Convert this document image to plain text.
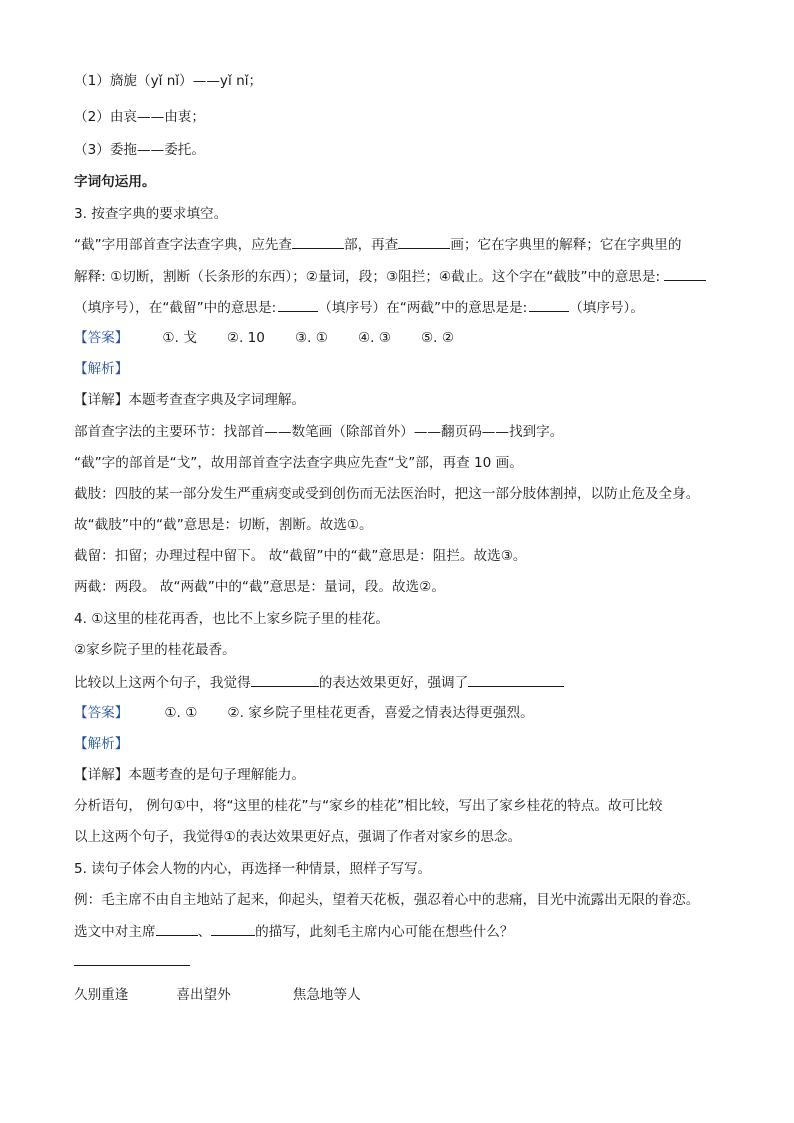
（1）旖旎（yǐ nǐ）——yǐ nǐ；
（2）由哀——由衷；
（3）委拖——委托。
字词句运用。
3. 按查字典的要求填空。
“截”字用部首查字法查字典，应先查	部，再查	画；它在字典里的解释；它在字典里的
解释: ①切断，割断（长条形的东西）；②量词，段；③阻拦；④截止。这个字在“截肢”中的意思是:
（填序号），在“截留”中的意思是:	（填序号）在“两截”中的意思是是:	（填序号）。
【答案】	①. 戈 ②. 10 ③. ① ④. ③ ⑤. ②
【解析】
【详解】本题考查查字典及字词理解。
部首查字法的主要环节：找部首——数笔画（除部首外）——翻页码——找到字。
“截”字的部首是“戈”，故用部首查字法查字典应先查“戈”部，再查 10 画。
截肢：四肢的某一部分发生严重病变或受到创伤而无法医治时，把这一部分肢体割掉，以防止危及全身。
故“截肢”中的“截”意思是：切断，割断。故选①。
截留：扣留；办理过程中留下。 故“截留”中的“截”意思是：阻拦。故选③。
两截：两段。 故“两截”中的“截”意思是：量词，段。故选②。
4. ①这里的桂花再香，也比不上家乡院子里的桂花。
②家乡院子里的桂花最香。
比较以上这两个句子，我觉得	的表达效果更好，强调了
【答案】	①. ① ②. 家乡院子里桂花更香，喜爱之情表达得更强烈。
【解析】
【详解】本题考查的是句子理解能力。
分析语句， 例句①中，将“这里的桂花”与“家乡的桂花”相比较，写出了家乡桂花的特点。故可比较
以上这两个句子，我觉得①的表达效果更好点，强调了作者对家乡的思念。
5. 读句子体会人物的内心，再选择一种情景，照样子写写。
例：毛主席不由自主地站了起来，仰起头，望着天花板，强忍着心中的悲痛，目光中流露出无限的眷恋。
选文中对主席	、	的描写，此刻毛主席内心可能在想些什么？
久别重逢	喜出望外	焦急地等人
